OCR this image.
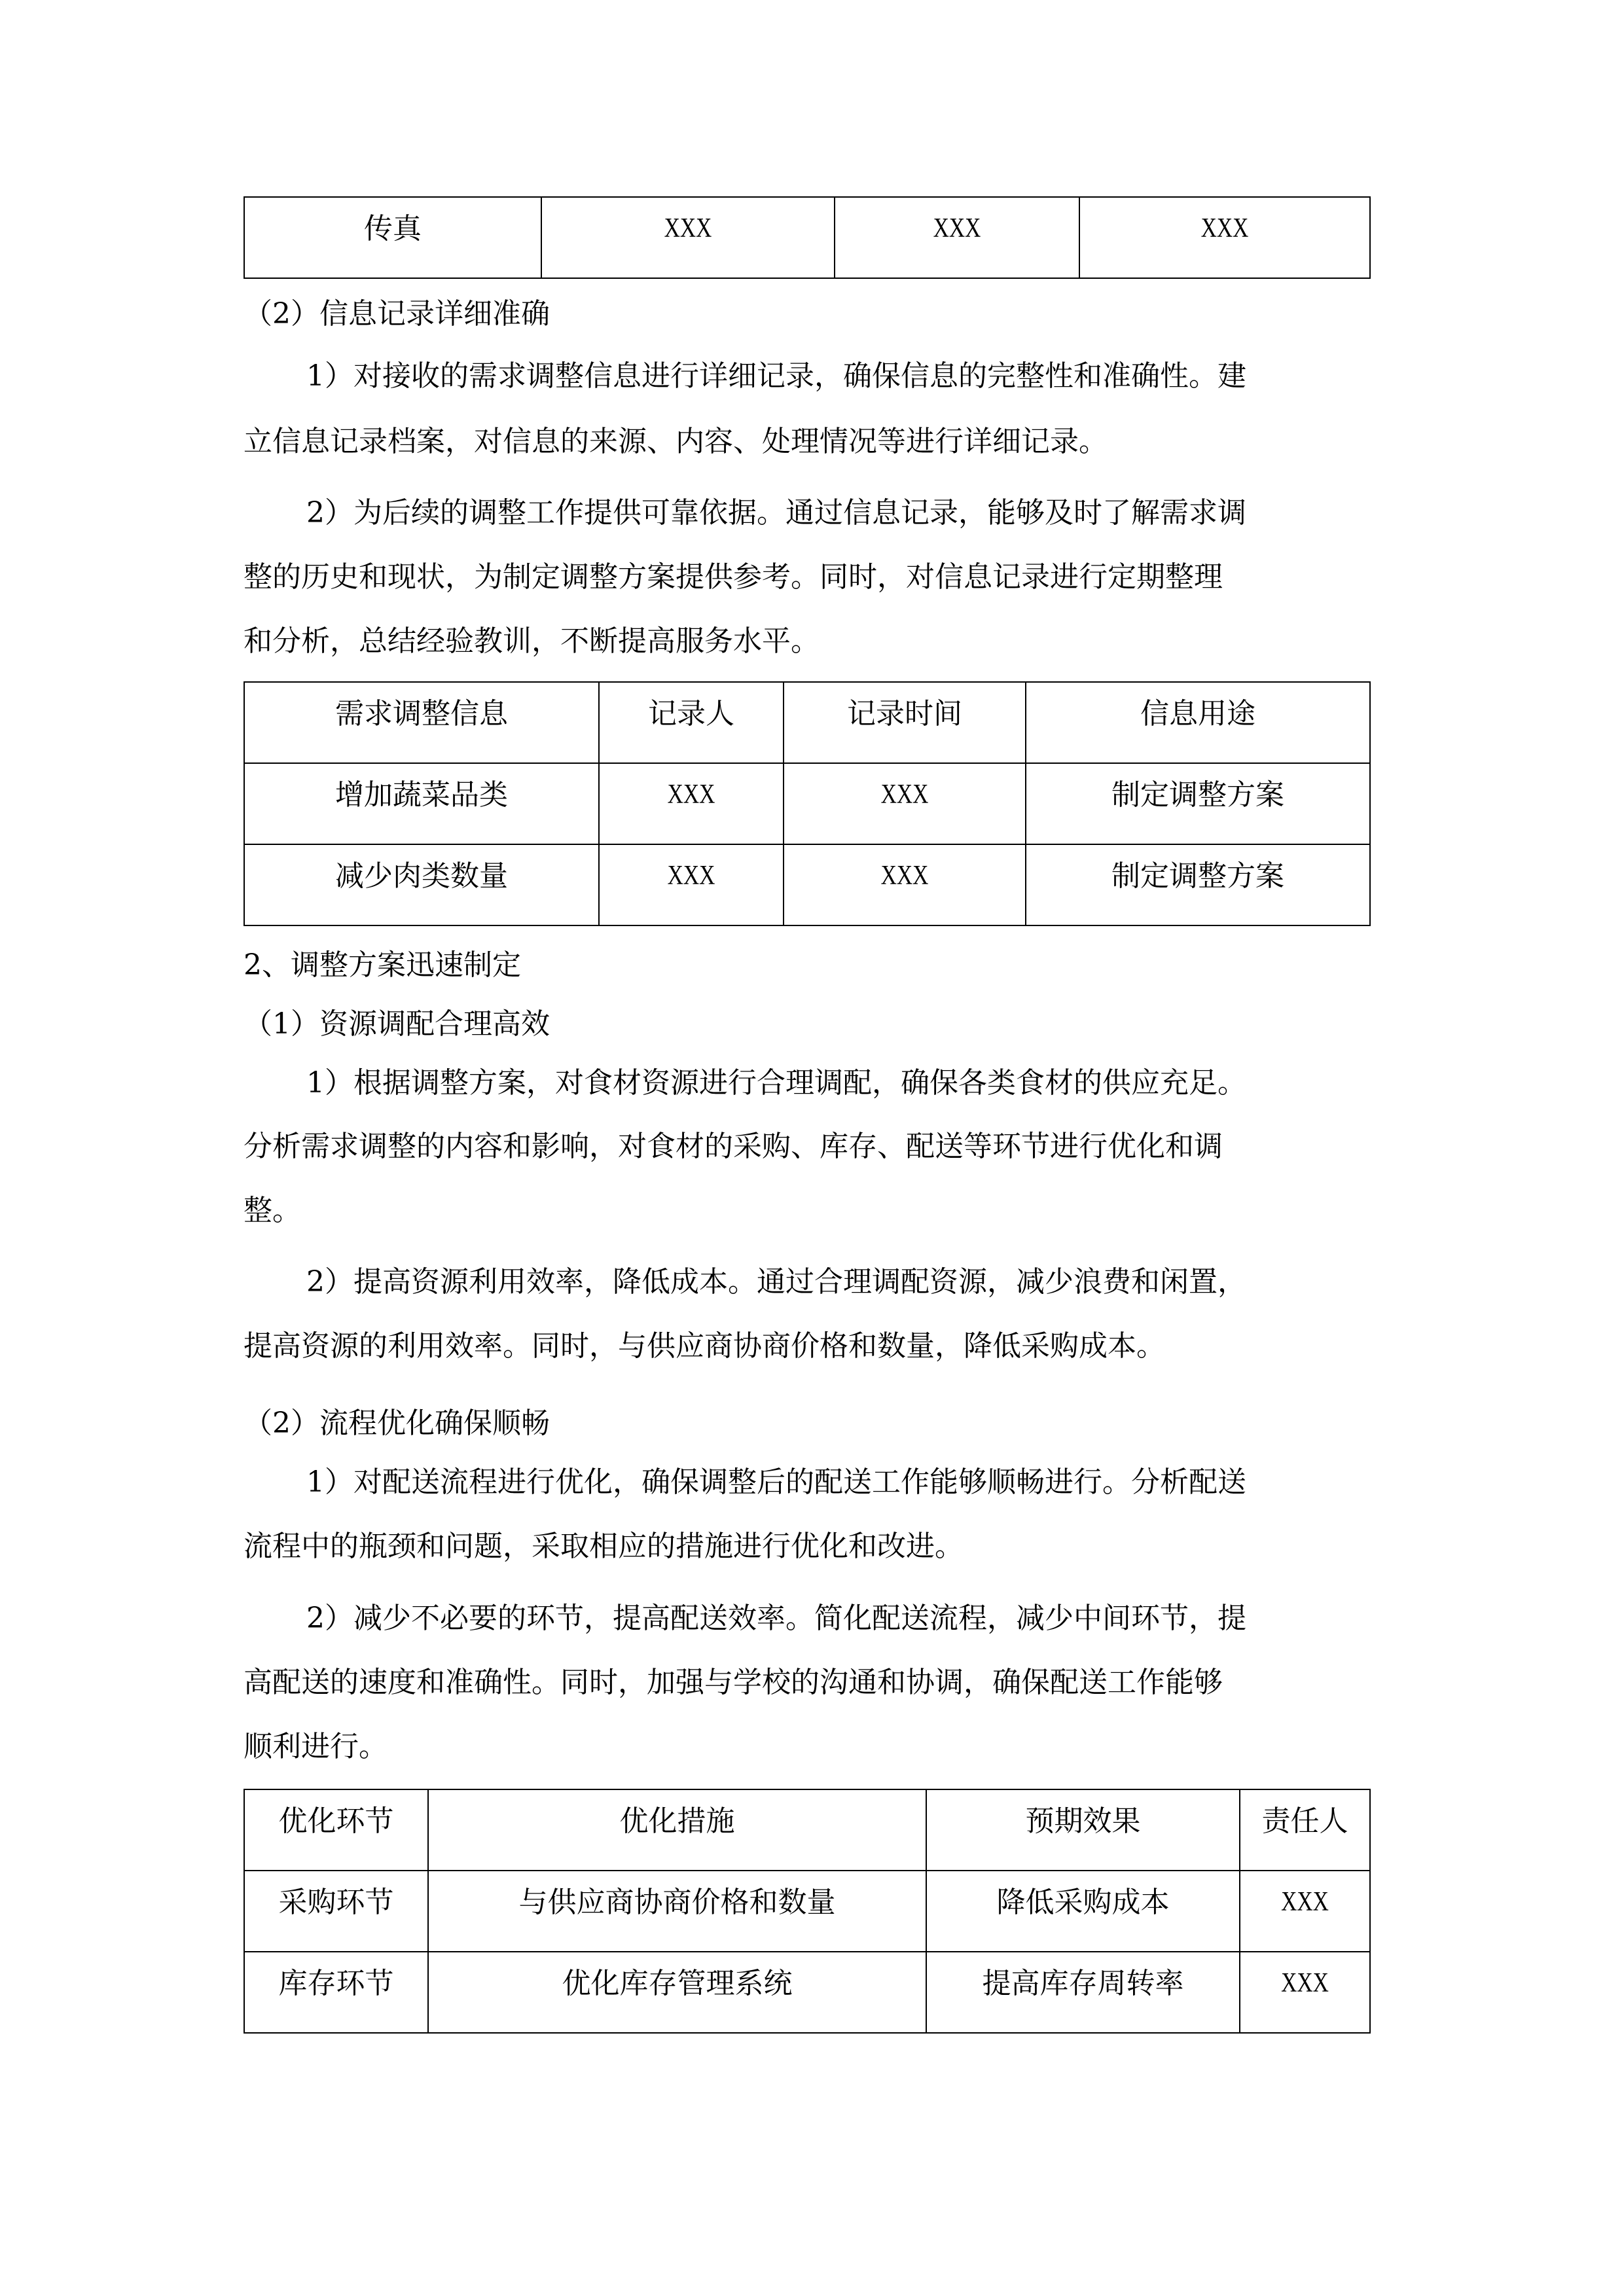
传真	XXX	XXX	XXX
（2）信息记录详细准确
1）对接收的需求调整信息进行详细记录，确保信息的完整性和准确性。建
立信息记录档案，对信息的来源、内容、处理情况等进行详细记录。
2）为后续的调整工作提供可靠依据。通过信息记录，能够及时了解需求调
整的历史和现状，为制定调整方案提供参考。同时，对信息记录进行定期整理
和分析，总结经验教训，不断提高服务水平。
需求调整信息	记录人	记录时间	信息用途
增加蔬菜品类	XXX	XXX	制定调整方案
减少肉类数量	XXX	XXX	制定调整方案
2、调整方案迅速制定
（1）资源调配合理高效
1）根据调整方案，对食材资源进行合理调配，确保各类食材的供应充足。
分析需求调整的内容和影响，对食材的采购、库存、配送等环节进行优化和调
整。
2）提高资源利用效率，降低成本。通过合理调配资源，减少浪费和闲置，
提高资源的利用效率。同时，与供应商协商价格和数量，降低采购成本。
（2）流程优化确保顺畅
1）对配送流程进行优化，确保调整后的配送工作能够顺畅进行。分析配送
流程中的瓶颈和问题，采取相应的措施进行优化和改进。
2）减少不必要的环节，提高配送效率。简化配送流程，减少中间环节，提
高配送的速度和准确性。同时，加强与学校的沟通和协调，确保配送工作能够
顺利进行。
优化环节	优化措施	预期效果	责任人
采购环节	与供应商协商价格和数量	降低采购成本	XXX
库存环节	优化库存管理系统	提高库存周转率	XXX
